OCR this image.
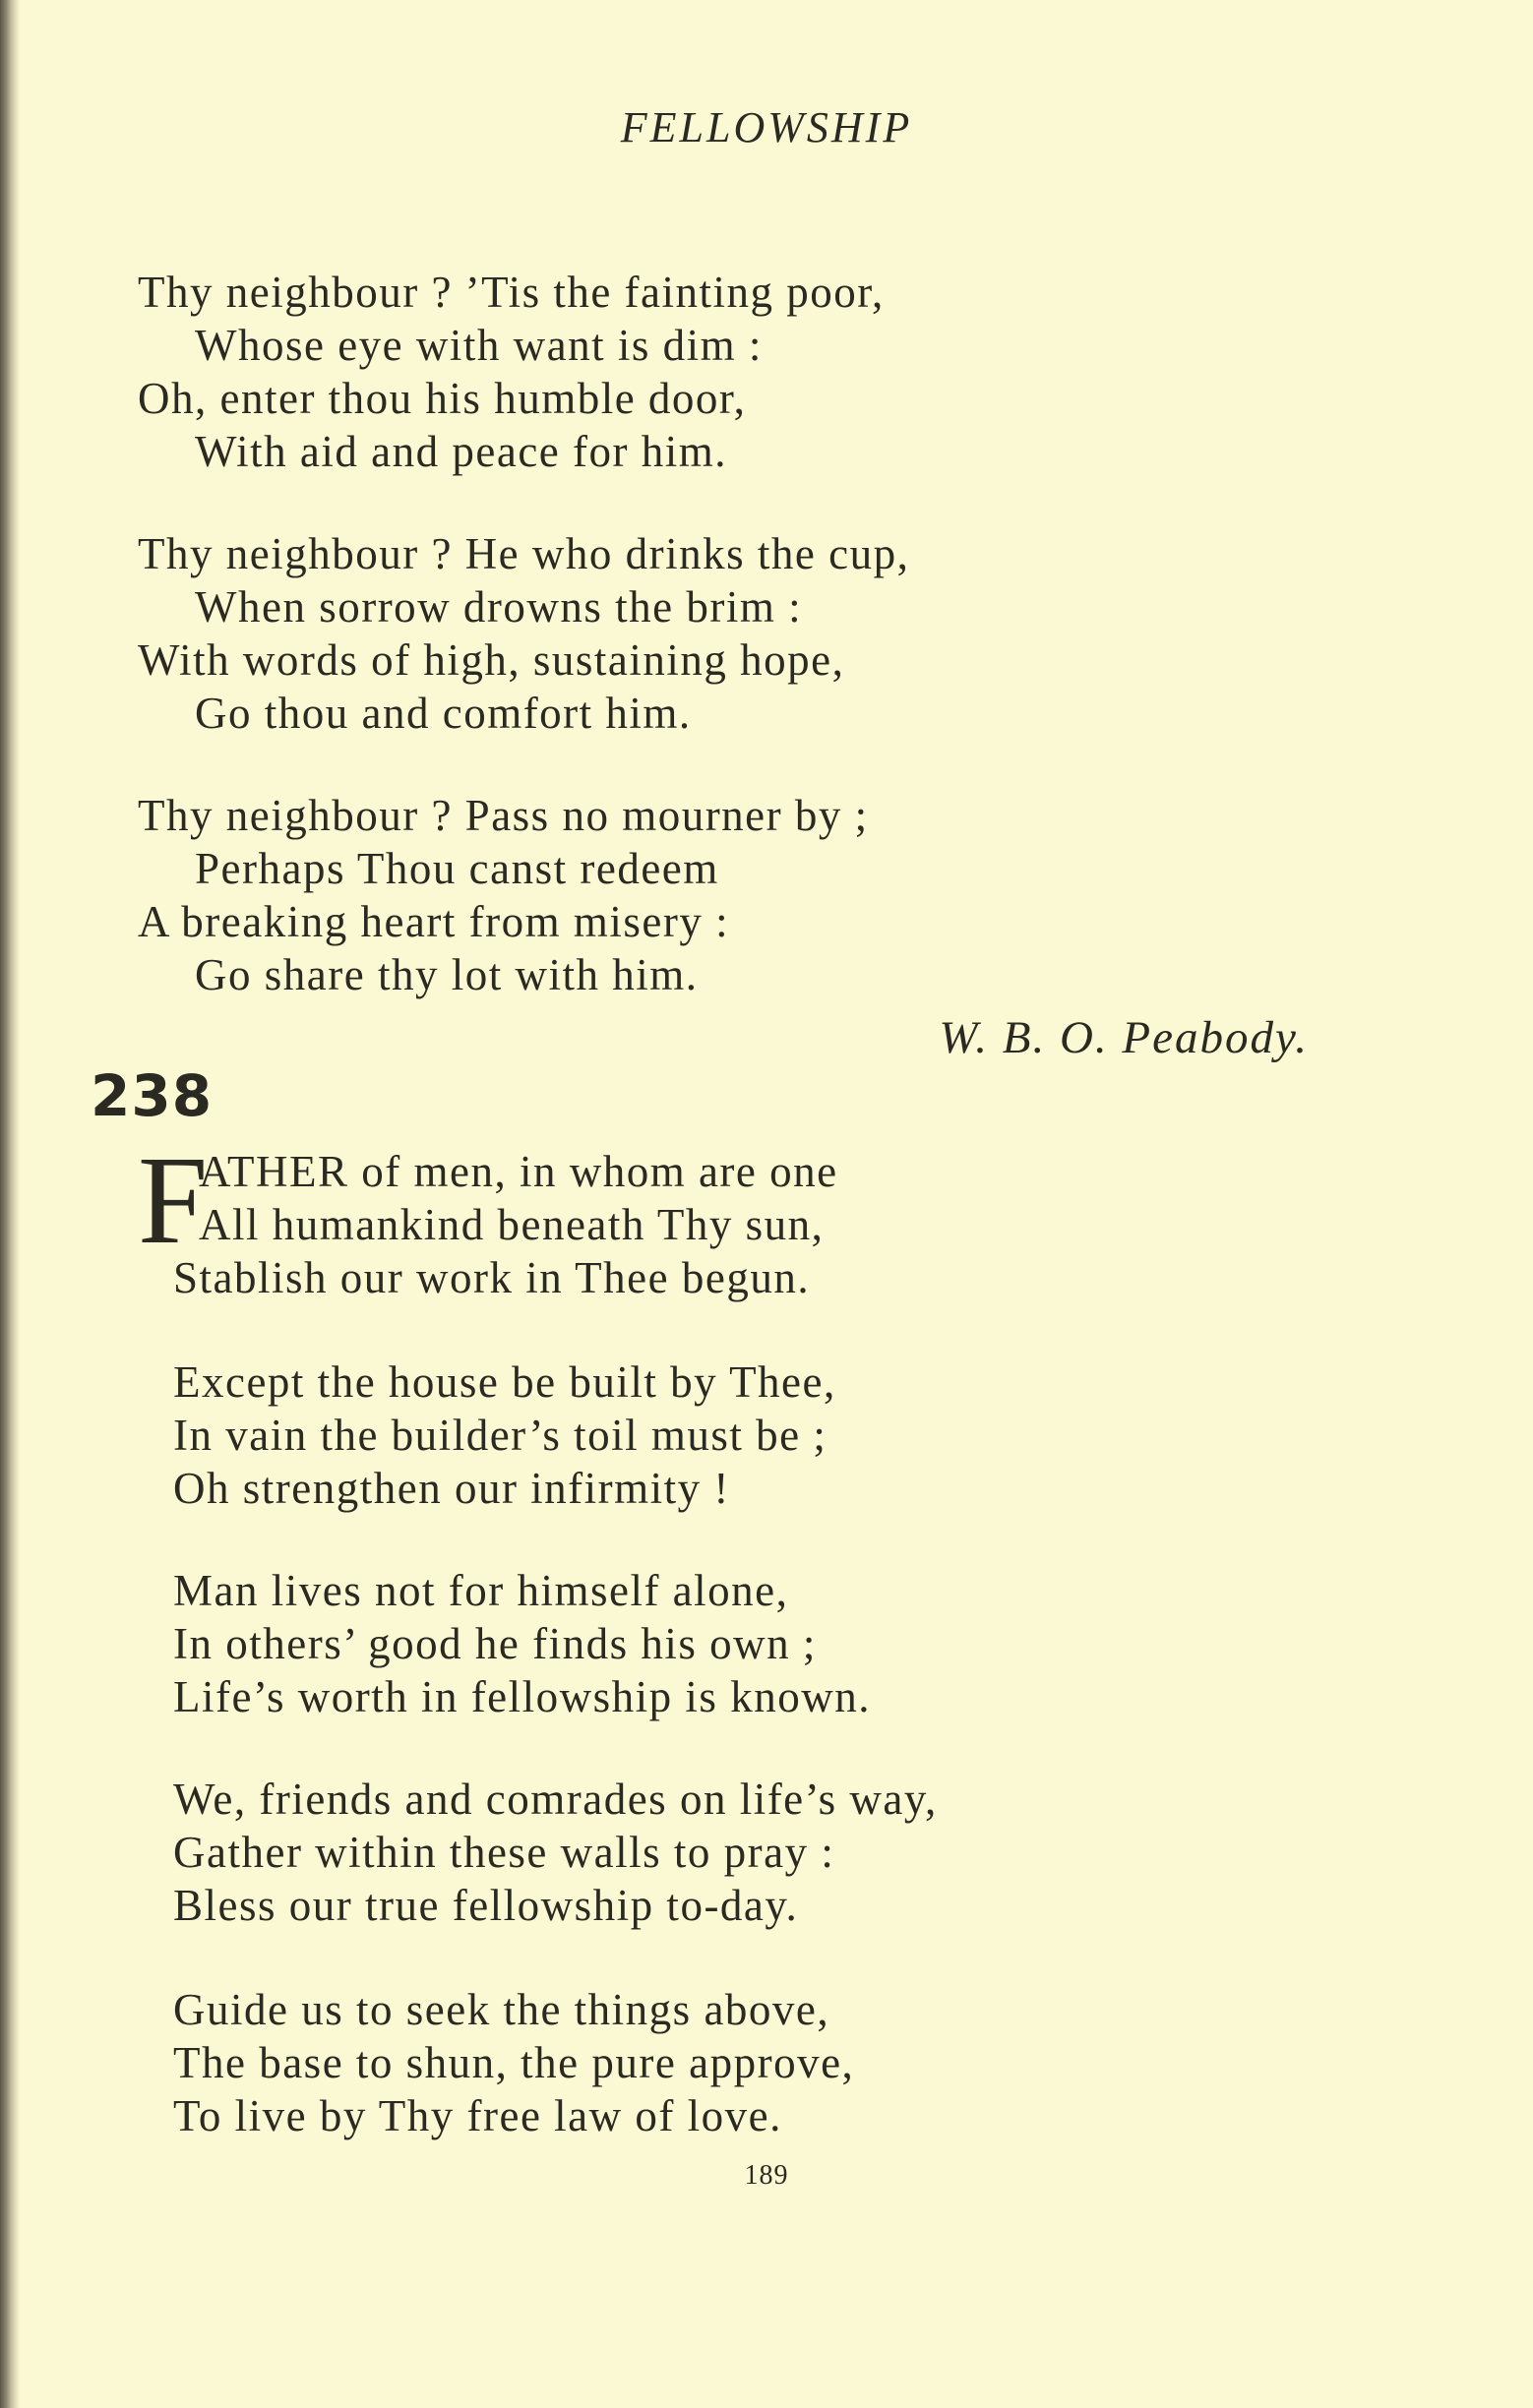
FELLOWSHIP
Thy neighbour ? ’Tis the fainting poor,
Whose eye with want is dim :
Oh, enter thou his humble door,
With aid and peace for him.
Thy neighbour ? He who drinks the cup,
When sorrow drowns the brim :
With words of high, sustaining hope,
Go thou and comfort him.
Thy neighbour ? Pass no mourner by ;
Perhaps Thou canst redeem
A breaking heart from misery :
Go share thy lot with him.
W. B. O. Peabody.
238
F
ATHER of men, in whom are one
All humankind beneath Thy sun,
Stablish our work in Thee begun.
Except the house be built by Thee,
In vain the builder’s toil must be ;
Oh strengthen our infirmity !
Man lives not for himself alone,
In others’ good he finds his own ;
Life’s worth in fellowship is known.
We, friends and comrades on life’s way,
Gather within these walls to pray :
Bless our true fellowship to-day.
Guide us to seek the things above,
The base to shun, the pure approve,
To live by Thy free law of love.
189
